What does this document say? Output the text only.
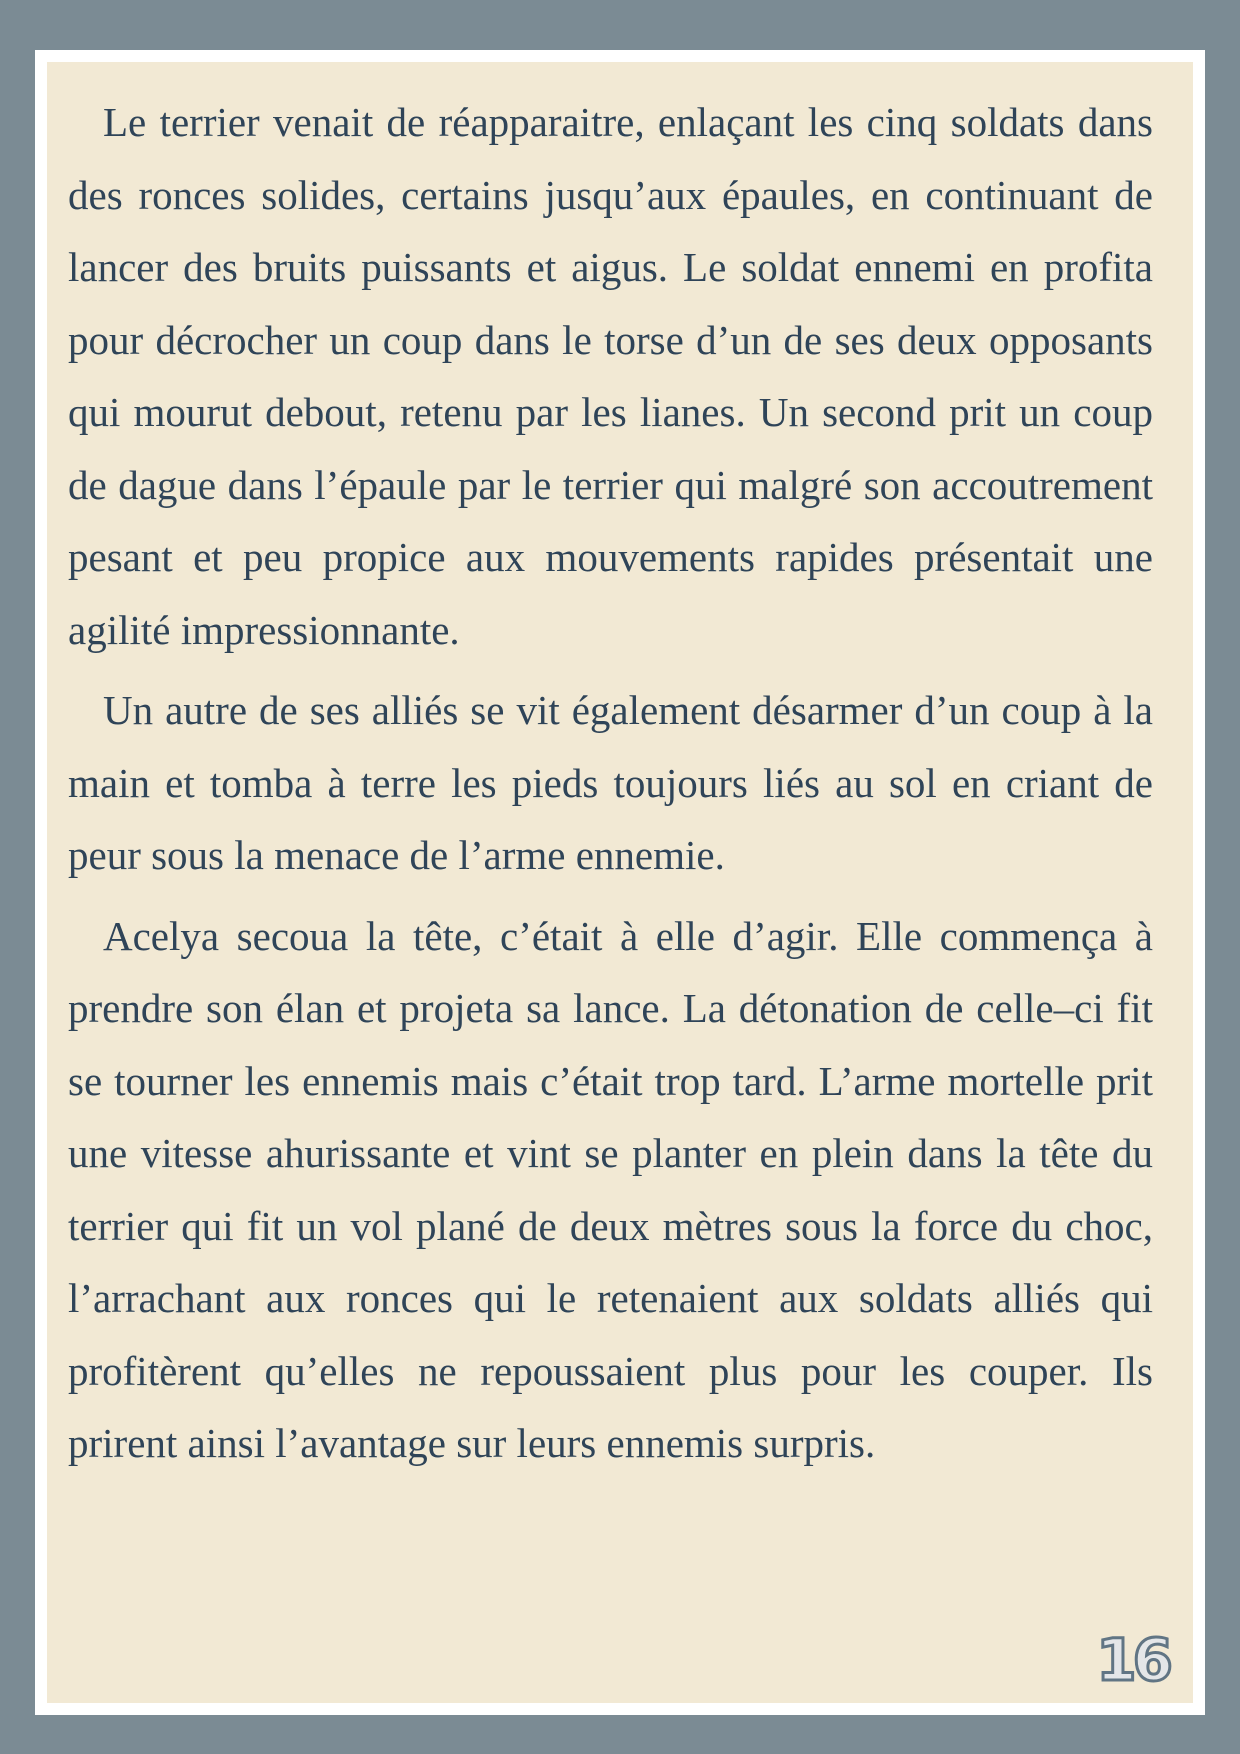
Le terrier venait de réapparaitre, enlaçant les cinq soldats dans des ronces solides, certains jusqu’aux épaules, en continuant de lancer des bruits puissants et aigus. Le soldat ennemi en profita pour décrocher un coup dans le torse d’un de ses deux opposants qui mourut debout, retenu par les lianes. Un second prit un coup de dague dans l’épaule par le terrier qui malgré son accoutrement pesant et peu propice aux mouvements rapides présentait une agilité impressionnante.

Un autre de ses alliés se vit également désarmer d’un coup à la main et tomba à terre les pieds toujours liés au sol en criant de peur sous la menace de l’arme ennemie.

Acelya secoua la tête, c’était à elle d’agir. Elle commença à prendre son élan et projeta sa lance. La détonation de celle–ci fit se tourner les ennemis mais c’était trop tard. L’arme mortelle prit une vitesse ahurissante et vint se planter en plein dans la tête du terrier qui fit un vol plané de deux mètres sous la force du choc, l’arrachant aux ronces qui le retenaient aux soldats alliés qui profitèrent qu’elles ne repoussaient plus pour les couper. Ils prirent ainsi l’avantage sur leurs ennemis surpris.

16
